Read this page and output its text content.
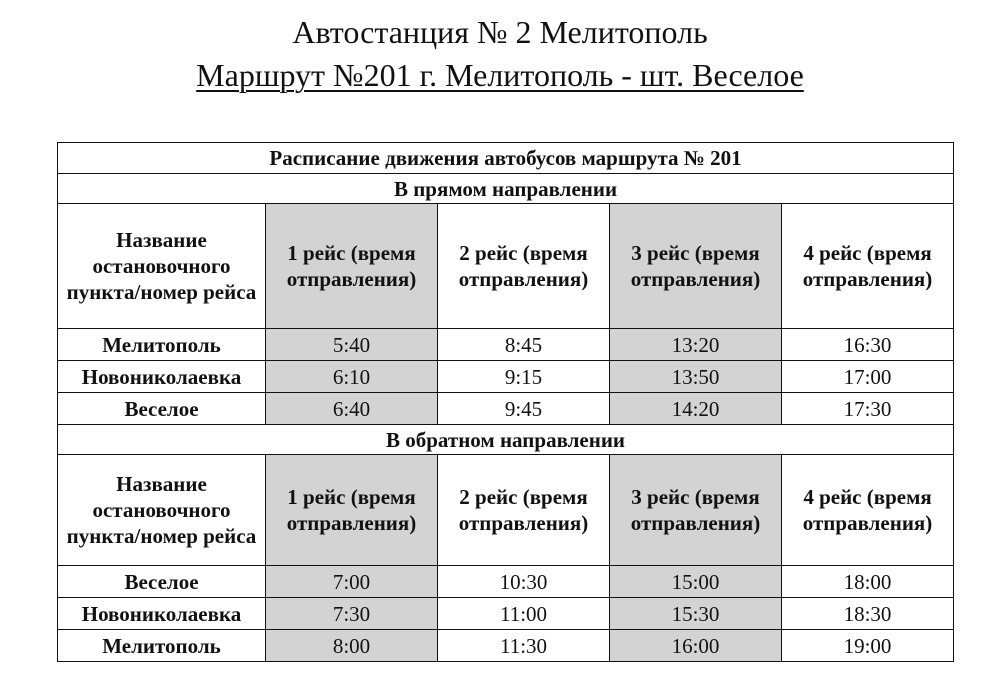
Автостанция № 2 Мелитополь
Маршрут №201 г. Мелитополь - шт. Веселое
Расписание движения автобусов маршрута № 201				
В прямом направлении				
Название остановочного пункта/номер рейса	1 рейс (время отправления)	2 рейс (время отправления)	3 рейс (время отправления)	4 рейс (время отправления)
Мелитополь	5:40	8:45	13:20	16:30
Новониколаевка	6:10	9:15	13:50	17:00
Веселое	6:40	9:45	14:20	17:30
В обратном направлении				
Название остановочного пункта/номер рейса	1 рейс (время отправления)	2 рейс (время отправления)	3 рейс (время отправления)	4 рейс (время отправления)
Веселое	7:00	10:30	15:00	18:00
Новониколаевка	7:30	11:00	15:30	18:30
Мелитополь	8:00	11:30	16:00	19:00
